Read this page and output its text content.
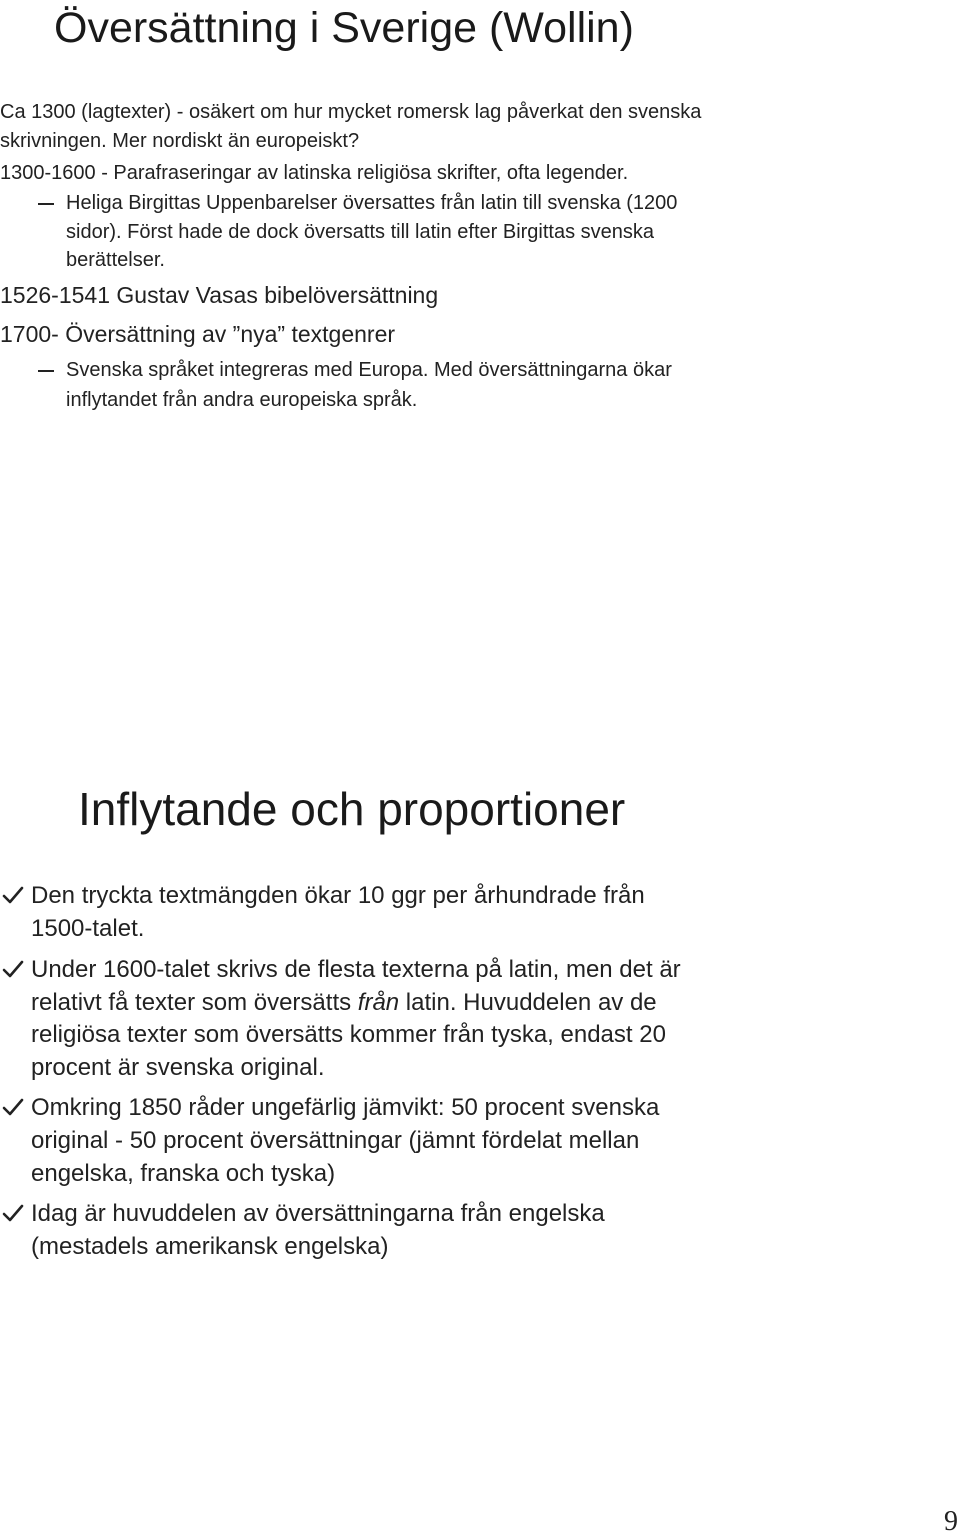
Översättning i Sverige (Wollin)
Ca 1300 (lagtexter) - osäkert om hur mycket romersk lag påverkat den svenska
skrivningen. Mer nordiskt än europeiskt?
1300-1600 - Parafraseringar av latinska religiösa skrifter, ofta legender.
Heliga Birgittas Uppenbarelser översattes från latin till svenska (1200
sidor). Först hade de dock översatts till latin efter Birgittas svenska
berättelser.
1526-1541 Gustav Vasas bibelöversättning
1700- Översättning av ”nya” textgenrer
Svenska språket integreras med Europa. Med översättningarna ökar
inflytandet från andra europeiska språk.
Inflytande och proportioner
Den tryckta textmängden ökar 10 ggr per århundrade från
1500-talet.
Under 1600-talet skrivs de flesta texterna på latin, men det är
relativt få texter som översätts från latin. Huvuddelen av de
religiösa texter som översätts kommer från tyska, endast 20
procent är svenska original.
Omkring 1850 råder ungefärlig jämvikt: 50 procent svenska
original - 50 procent översättningar (jämnt fördelat mellan
engelska, franska och tyska)
Idag är huvuddelen av översättningarna från engelska
(mestadels amerikansk engelska)
9
